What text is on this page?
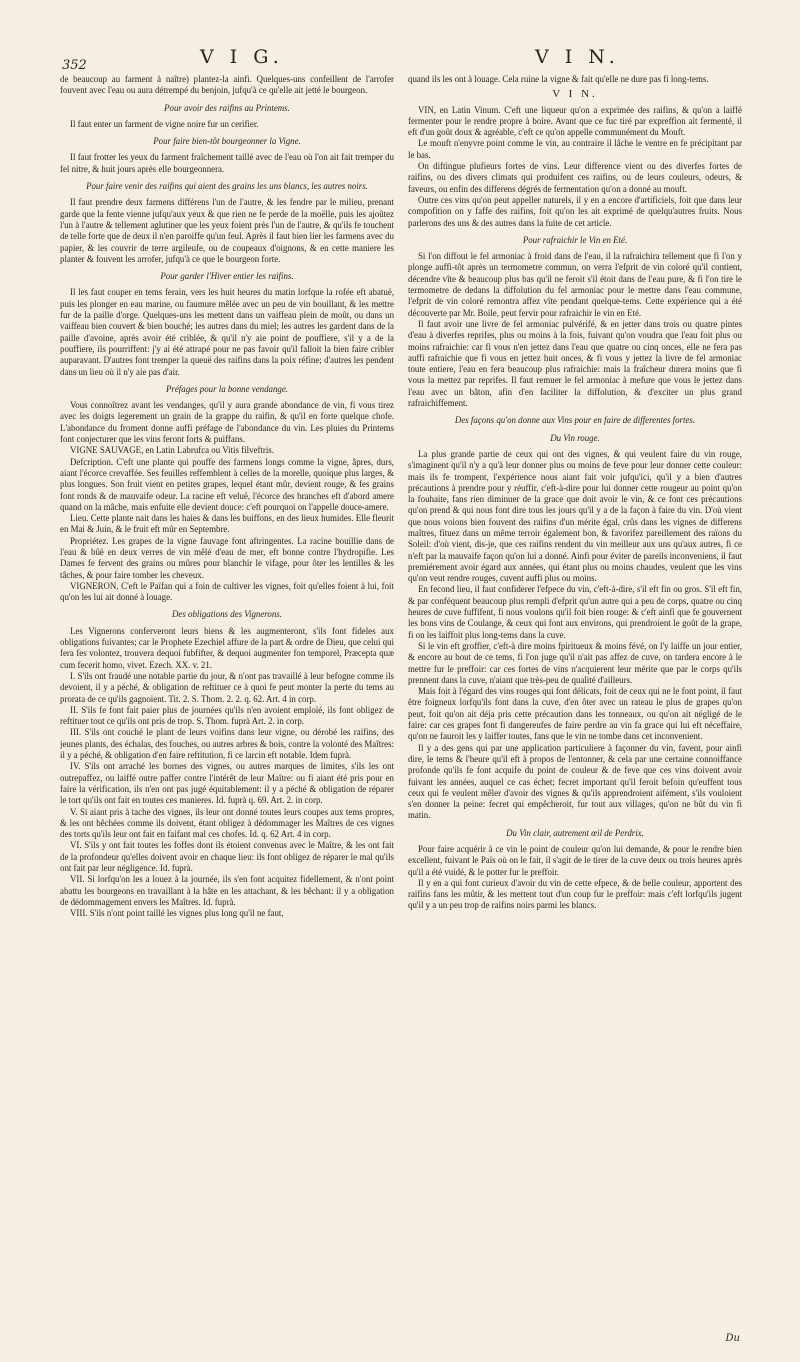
352	V I G.	V I N.

de beaucoup au farment à naître) plantez-la ainfi. Quelques-uns confeillent de l'arrofer fouvent avec l'eau ou aura détrempé du benjoin, jufqu'à ce qu'elle ait jetté le bourgeon.

Pour avoir des raifins au Printems.

Il faut enter un farment de vigne noire fur un cerifier.

Pour faire bien-tôt bourgeonner la Vigne.

Il faut frotter les yeux du farment fraîchement taillé avec de l'eau où l'on ait fait tremper du fel nitre, & huit jours après elle bourgeonnera.

Pour faire venir des raifins qui aient des grains les uns blancs, les autres noirs.

Il faut prendre deux farmens différens l'un de l'autre, & les fendre par le milieu, prenant garde que la fente vienne jufqu'aux yeux & que rien ne fe perde de la moëlle, puis les ajoûtez l'un à l'autre & tellement aglutiner que les yeux foient près l'un de l'autre, & qu'ils fe touchent de telle forte que de deux il n'en paroiffe qu'un feul. Après il faut bien lier les farmens avec du papier, & les couvrir de terre argileufe, ou de coupeaux d'oignons, & en cette maniere les planter & fouvent les arrofer, jufqu'à ce que le bourgeon forte.

Pour garder l'Hiver entier les raifins.

Il les faut couper en tems ferain, vers les huit heures du matin lorfque la rofée eft abatuë, puis les plonger en eau marine, ou faumure mêlée avec un peu de vin bouillant, & les mettre fur de la paille d'orge. Quelques-uns les mettent dans un vaiffeau plein de moût, ou dans un vaiffeau bien couvert & bien bouché; les autres dans du miel; les autres les gardent dans de la paille d'avoine, après avoir été criblée, & qu'il n'y aie point de pouffiere, s'il y a de la pouffiere, ils pourriffent: j'y ai été attrapé pour ne pas favoir qu'il falloit la bien faire cribler auparavant. D'autres font tremper la queuë des raifins dans la poix réfine; d'autres les pendent dans un lieu où il n'y aie pas d'air.

Préfages pour la bonne vendange.

Vous connoîtrez avant les vendanges, qu'il y aura grande abondance de vin, fi vous tirez avec les doigts legerement un grain de la grappe du raifin, & qu'il en forte quelque chofe. L'abondance du froment donne auffi préfage de l'abondance du vin. Les pluies du Printems font conjecturer que les vins feront forts & puiffans.

VIGNE SAUVAGE, en Latin Labrufca ou Vitis filveftris.

Defcription. C'eft une plante qui pouffe des farmens longs comme la vigne, âpres, durs, aiant l'écorce crevaffée. Ses feuilles reffemblent à celles de la morelle, quoique plus larges, & plus longues. Son fruit vient en petites grapes, lequel étant mûr, devient rouge, & fes grains font ronds & de mauvaife odeur. La racine eft veluë, l'écorce des branches eft d'abord amere quand on la mâche, mais enfuite elle devient douce: c'eft pourquoi on l'appelle douce-amere.

Lieu. Cette plante nait dans les haies & dans les buiffons, en des lieux humides. Elle fleurit en Mai & Juin, & le fruit eft mûr en Septembre.

Propriétez. Les grapes de la vigne fauvage font aftringentes. La racine bouillie dans de l'eau & bûë en deux verres de vin mêlé d'eau de mer, eft bonne contre l'hydropifie. Les Dames fe fervent des grains ou mûres pour blanchir le vifage, pour ôter les lentilles & les tâches, & pour faire tomber les cheveux.

VIGNERON. C'eft le Païfan qui a foin de cultiver les vignes, foit qu'elles foient à lui, foit qu'on les lui ait donné à louage.

Des obligations des Vignerons.

Les Vignerons conferveront leurs biens & les augmenteront, s'ils font fideles aux obligations fuivantes; car le Prophete Ezechiel affure de la part & ordre de Dieu, que celui qui fera fes volontez, trouvera dequoi fubfifter, & dequoi augmenter fon temporel, Præcepta quæ cum fecerit homo, vivet. Ezech. XX. v. 21.

I. S'ils ont fraudé une notable partie du jour, & n'ont pas travaillé à leur befogne comme ils devoient, il y a péché, & obligation de reftituer ce à quoi fe peut monter la perte du tems au prorata de ce qu'ils gagnoient. Tit. 2. S. Thom. 2. 2. q. 62. Art. 4 in corp.

II. S'ils fe font fait paier plus de journées qu'ils n'en avoient emploïé, ils font obligez de reftituer tout ce qu'ils ont pris de trop. S. Thom. fuprà Art. 2. in corp.

III. S'ils ont couché le plant de leurs voifins dans leur vigne, ou dérobé les raifins, des jeunes plants, des échalas, des fouches, ou autres arbres & bois, contre la volonté des Maîtres: il y a péché, & obligation d'en faire reftitution, fi ce larcin eft notable. Idem fuprà.

IV. S'ils ont arraché les bornes des vignes, ou autres marques de limites, s'ils les ont outrepaffez, ou laiffé outre paffer contre l'intérêt de leur Maître: ou fi aiant été pris pour en faire la vérification, ils n'en ont pas jugé équitablement: il y a péché & obligation de réparer le tort qu'ils ont fait en toutes ces manieres. Id. fuprà q. 69. Art. 2. in corp.

V. Si aiant pris à tache des vignes, ils leur ont donné toutes leurs coupes aux tems propres, & les ont bêchées comme ils doivent, étant obligez à dédommager les Maîtres de ces vignes des torts qu'ils leur ont fait en faifant mal ces chofes. Id. q. 62 Art. 4 in corp.

VI. S'ils y ont fait toutes les foffes dont ils étoient convenus avec le Maître, & les ont fait de la profondeur qu'elles doivent avoir en chaque lieu: ils font obligez de réparer le mal qu'ils ont fait par leur négligence. Id. fuprà.

VII. Si lorfqu'on les a louez à la journée, ils s'en font acquitez fidellement, & n'ont point abattu les bourgeons en travaillant à la hâte en les attachant, & les bêchant: il y a obligation de dédommagement envers les Maîtres. Id. fuprà.

VIII. S'ils n'ont point taillé les vignes plus long qu'il ne faut,

quand ils les ont à louage. Cela ruine la vigne & fait qu'elle ne dure pas fi long-tems.

V I N.

VIN, en Latin Vinum. C'eft une liqueur qu'on a exprimée des raifins, & qu'on a laiffé fermenter pour le rendre propre à boire. Avant que ce fuc tiré par expreffion ait fermenté, il eft d'un goût doux & agréable, c'eft ce qu'on appelle communément du Mouft.

Le mouft n'enyvre point comme le vin, au contraire il lâche le ventre en fe précipitant par le bas.

On diftingue plufieurs fortes de vins. Leur difference vient ou des diverfes fortes de raifins, ou des divers climats qui produifent ces raifins, ou de leurs couleurs, odeurs, & faveurs, ou enfin des differens dégrés de fermentation qu'on a donné au mouft.

Outre ces vins qu'on peut appeller naturels, il y en a encore d'artificiels, foit que dans leur compofition on y faffe des raifins, foit qu'on les ait exprimé de quelqu'autres fruits. Nous parlerons des uns & des autres dans la fuite de cet article.

Pour rafraichir le Vin en Eté.

Si l'on diffout le fel armoniac à froid dans de l'eau, il la rafraichira tellement que fi l'on y plonge auffi-tôt après un termometre commun, on verra l'efprit de vin coloré qu'il contient, décendre vîte & beaucoup plus bas qu'il ne feroit s'il étoit dans de l'eau pure, & fi l'on tire le termometre de dedans la diffolution du fel armoniac pour le mettre dans l'eau commune, l'efprit de vin coloré remontra affez vîte pendant quelque-tems. Cette expérience qui a été découverte par Mr. Boile, peut fervir pour rafraichir le vin en Eté.

Il faut avoir une livre de fel armoniac pulvérifé, & en jetter dans trois ou quatre pintes d'eau à diverfes reprifes, plus ou moins à la fois, fuivant qu'on voudra que l'eau foit plus ou moins rafraichie: car fi vous n'en jettez dans l'eau que quatre ou cinq onces, elle ne fera pas auffi rafraichie que fi vous en jettez huit onces, & fi vous y jettez la livre de fel armoniac toute entiere, l'eau en fera beaucoup plus rafraichie: mais la fraîcheur durera moins que fi vous la mettez par reprifes. Il faut remuer le fel armoniac à mefure que vous le jettez dans l'eau avec un bâton, afin d'en faciliter la diffolution, & d'exciter un plus grand rafraichiffement.

Des façons qu'on donne aux Vins pour en faire de differentes fortes.
Du Vin rouge.

La plus grande partie de ceux qui ont des vignes, & qui veulent faire du vin rouge, s'imaginent qu'il n'y a qu'à leur donner plus ou moins de feve pour leur donner cette couleur: mais ils fe trompent, l'expérience nous aiant fait voir jufqu'ici, qu'il y a bien d'autres précautions à prendre pour y réuffir, c'eft-à-dire pour lui donner cette rougeur au point qu'on la fouhaite, fans rien diminuer de la grace que doit avoir le vin, & ce font ces précautions qu'on prend & qui nous font dire tous les jours qu'il y a de la façon à faire du vin. D'où vient que nous voions bien fouvent des raifins d'un mérite égal, crûs dans les vignes de differens maîtres, fituez dans un même terroir également bon, & favorifez pareillement des raïons du Soleil: d'où vient, dis-je, que ces raifins rendent du vin meilleur aux uns qu'aux autres, fi ce n'eft par la mauvaife façon qu'on lui a donné. Ainfi pour éviter de pareils inconveniens, il faut premiérement avoir égard aux années, qui étant plus ou moins chaudes, veulent que les vins qu'on veut rendre rouges, cuvent auffi plus ou moins.

En fecond lieu, il faut confiderer l'efpece du vin, c'eft-à-dire, s'il eft fin ou gros. S'il eft fin, & par conféquent beaucoup plus rempli d'efprit qu'un autre qui a peu de corps, quatre ou cinq heures de cuve fuffifent, fi nous voulons qu'il foit bien rouge: & c'eft ainfi que fe gouvernent les bons vins de Coulange, & ceux qui font aux environs, qui prendroient le goût de la grape, fi on les laiffoit plus long-tems dans la cuve.

Si le vin eft groffier, c'eft-à dire moins fpiritueux & moins févé, on l'y laiffe un jour entier, & encore au bout de ce tems, fi l'on juge qu'il n'ait pas affez de cuve, on tardera encore à le mettre fur le preffoir: car ces fortes de vins n'acquierent leur mérite que par le corps qu'ils prennent dans la cuve, n'aiant que très-peu de qualité d'ailleurs.

Mais foit à l'égard des vins rouges qui font délicats, foit de ceux qui ne le font point, il faut être foigneux lorfqu'ils font dans la cuve, d'en ôter avec un rateau le plus de grapes qu'on peut, foit qu'on ait déja pris cette précaution dans les tonneaux, ou qu'on ait négligé de le faire: car ces grapes font fi dangereufes de faire perdre au vin fa grace qui lui eft néceffaire, qu'on ne fauroit les y laiffer toutes, fans que le vin ne tombe dans cet inconvenient.

Il y a des gens qui par une application particuliere à façonner du vin, favent, pour ainfi dire, le tems & l'heure qu'il eft à propos de l'entonner, & cela par une certaine connoiffance profonde qu'ils fe font acquife du point de couleur & de feve que ces vins doivent avoir fuivant les années, auquel ce cas échet; fecret important qu'il feroit befoin qu'euffent tous ceux qui fe veulent mêler d'avoir des vignes & qu'ils apprendroient aifément, s'ils vouloient s'en donner la peine: fecret qui empêcheroit, fur tout aux villages, qu'on ne bût du vin fi matin.

Du Vin clair, autrement œil de Perdrix.

Pour faire acquérir à ce vin le point de couleur qu'on lui demande, & pour le rendre bien excellent, fuivant le Païs où on le fait, il s'agit de le tirer de la cuve deux ou trois heures après qu'il a été vuidé, & le potter fur le preffoir.

Il y en a qui font curieux d'avoir du vin de cette efpece, & de belle couleur, apportent des raifins fans les mûtir, & les mettent tout d'un coup fur le preffoir: mais c'eft lorfqu'ils jugent qu'il y a un peu trop de raifins noirs parmi les blancs.

Du
